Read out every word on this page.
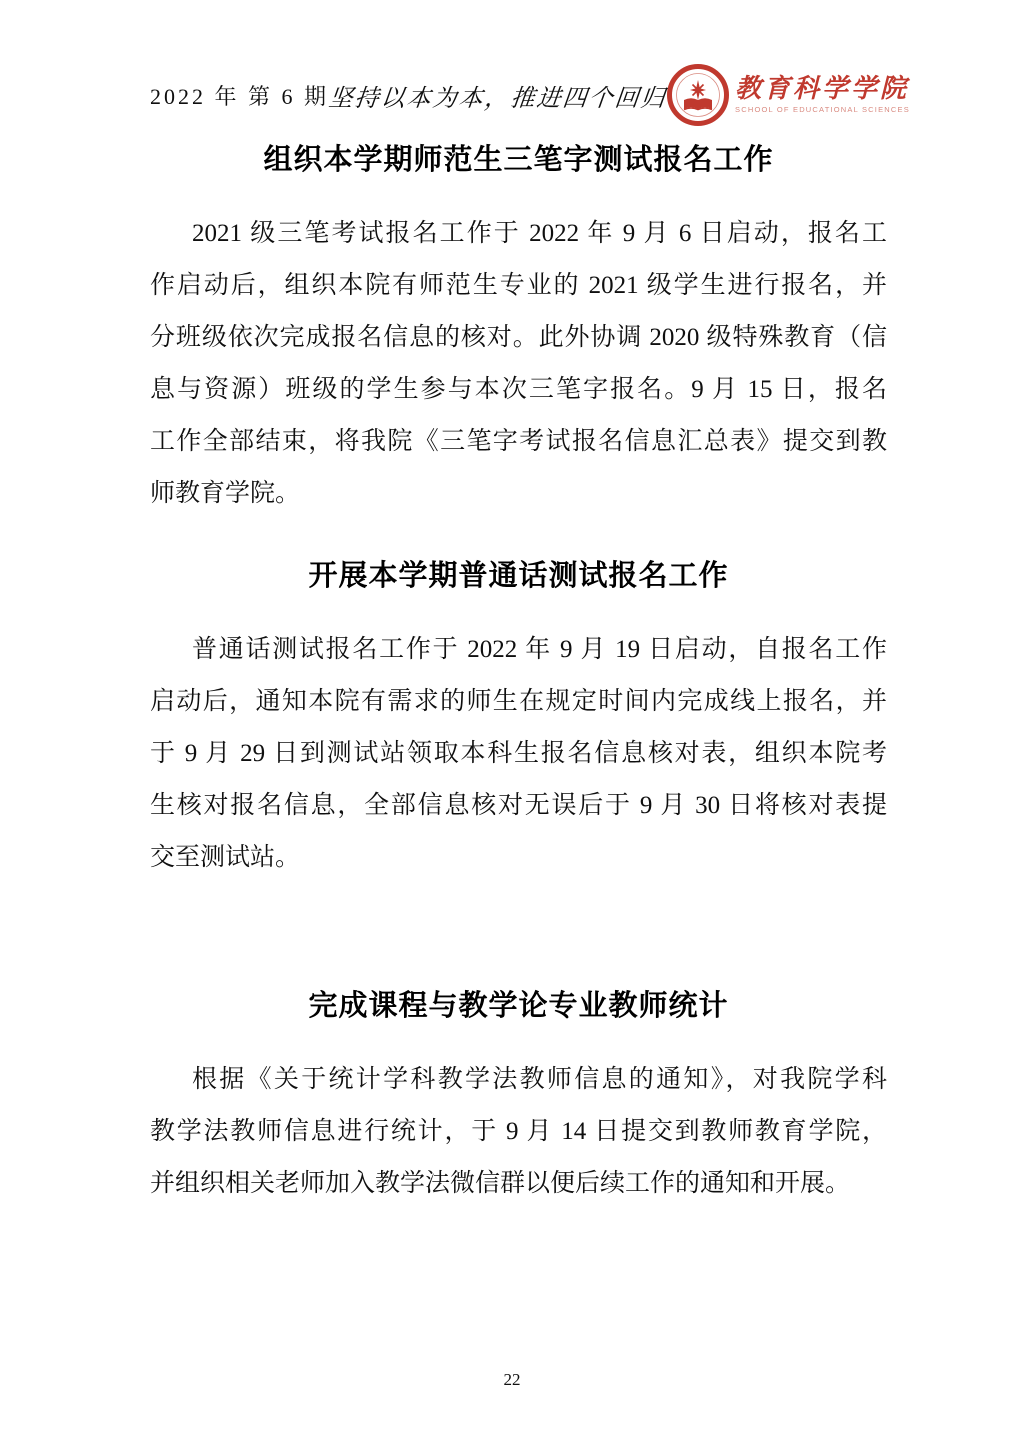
2022 年 第 6 期
坚持以本为本，推进四个回归	教育科学学院
SCHOOL OF EDUCATIONAL SCIENCES
组织本学期师范生三笔字测试报名工作
2021 级三笔考试报名工作于 2022 年 9 月 6 日启动，报名工
作启动后，组织本院有师范生专业的 2021 级学生进行报名，并
分班级依次完成报名信息的核对。此外协调 2020 级特殊教育（信
息与资源）班级的学生参与本次三笔字报名。9 月 15 日，报名
工作全部结束，将我院《三笔字考试报名信息汇总表》提交到教
师教育学院。
开展本学期普通话测试报名工作
普通话测试报名工作于 2022 年 9 月 19 日启动，自报名工作
启动后，通知本院有需求的师生在规定时间内完成线上报名，并
于 9 月 29 日到测试站领取本科生报名信息核对表，组织本院考
生核对报名信息，全部信息核对无误后于 9 月 30 日将核对表提
交至测试站。
完成课程与教学论专业教师统计
根据《关于统计学科教学法教师信息的通知》，对我院学科
教学法教师信息进行统计，于 9 月 14 日提交到教师教育学院，
并组织相关老师加入教学法微信群以便后续工作的通知和开展。
22
